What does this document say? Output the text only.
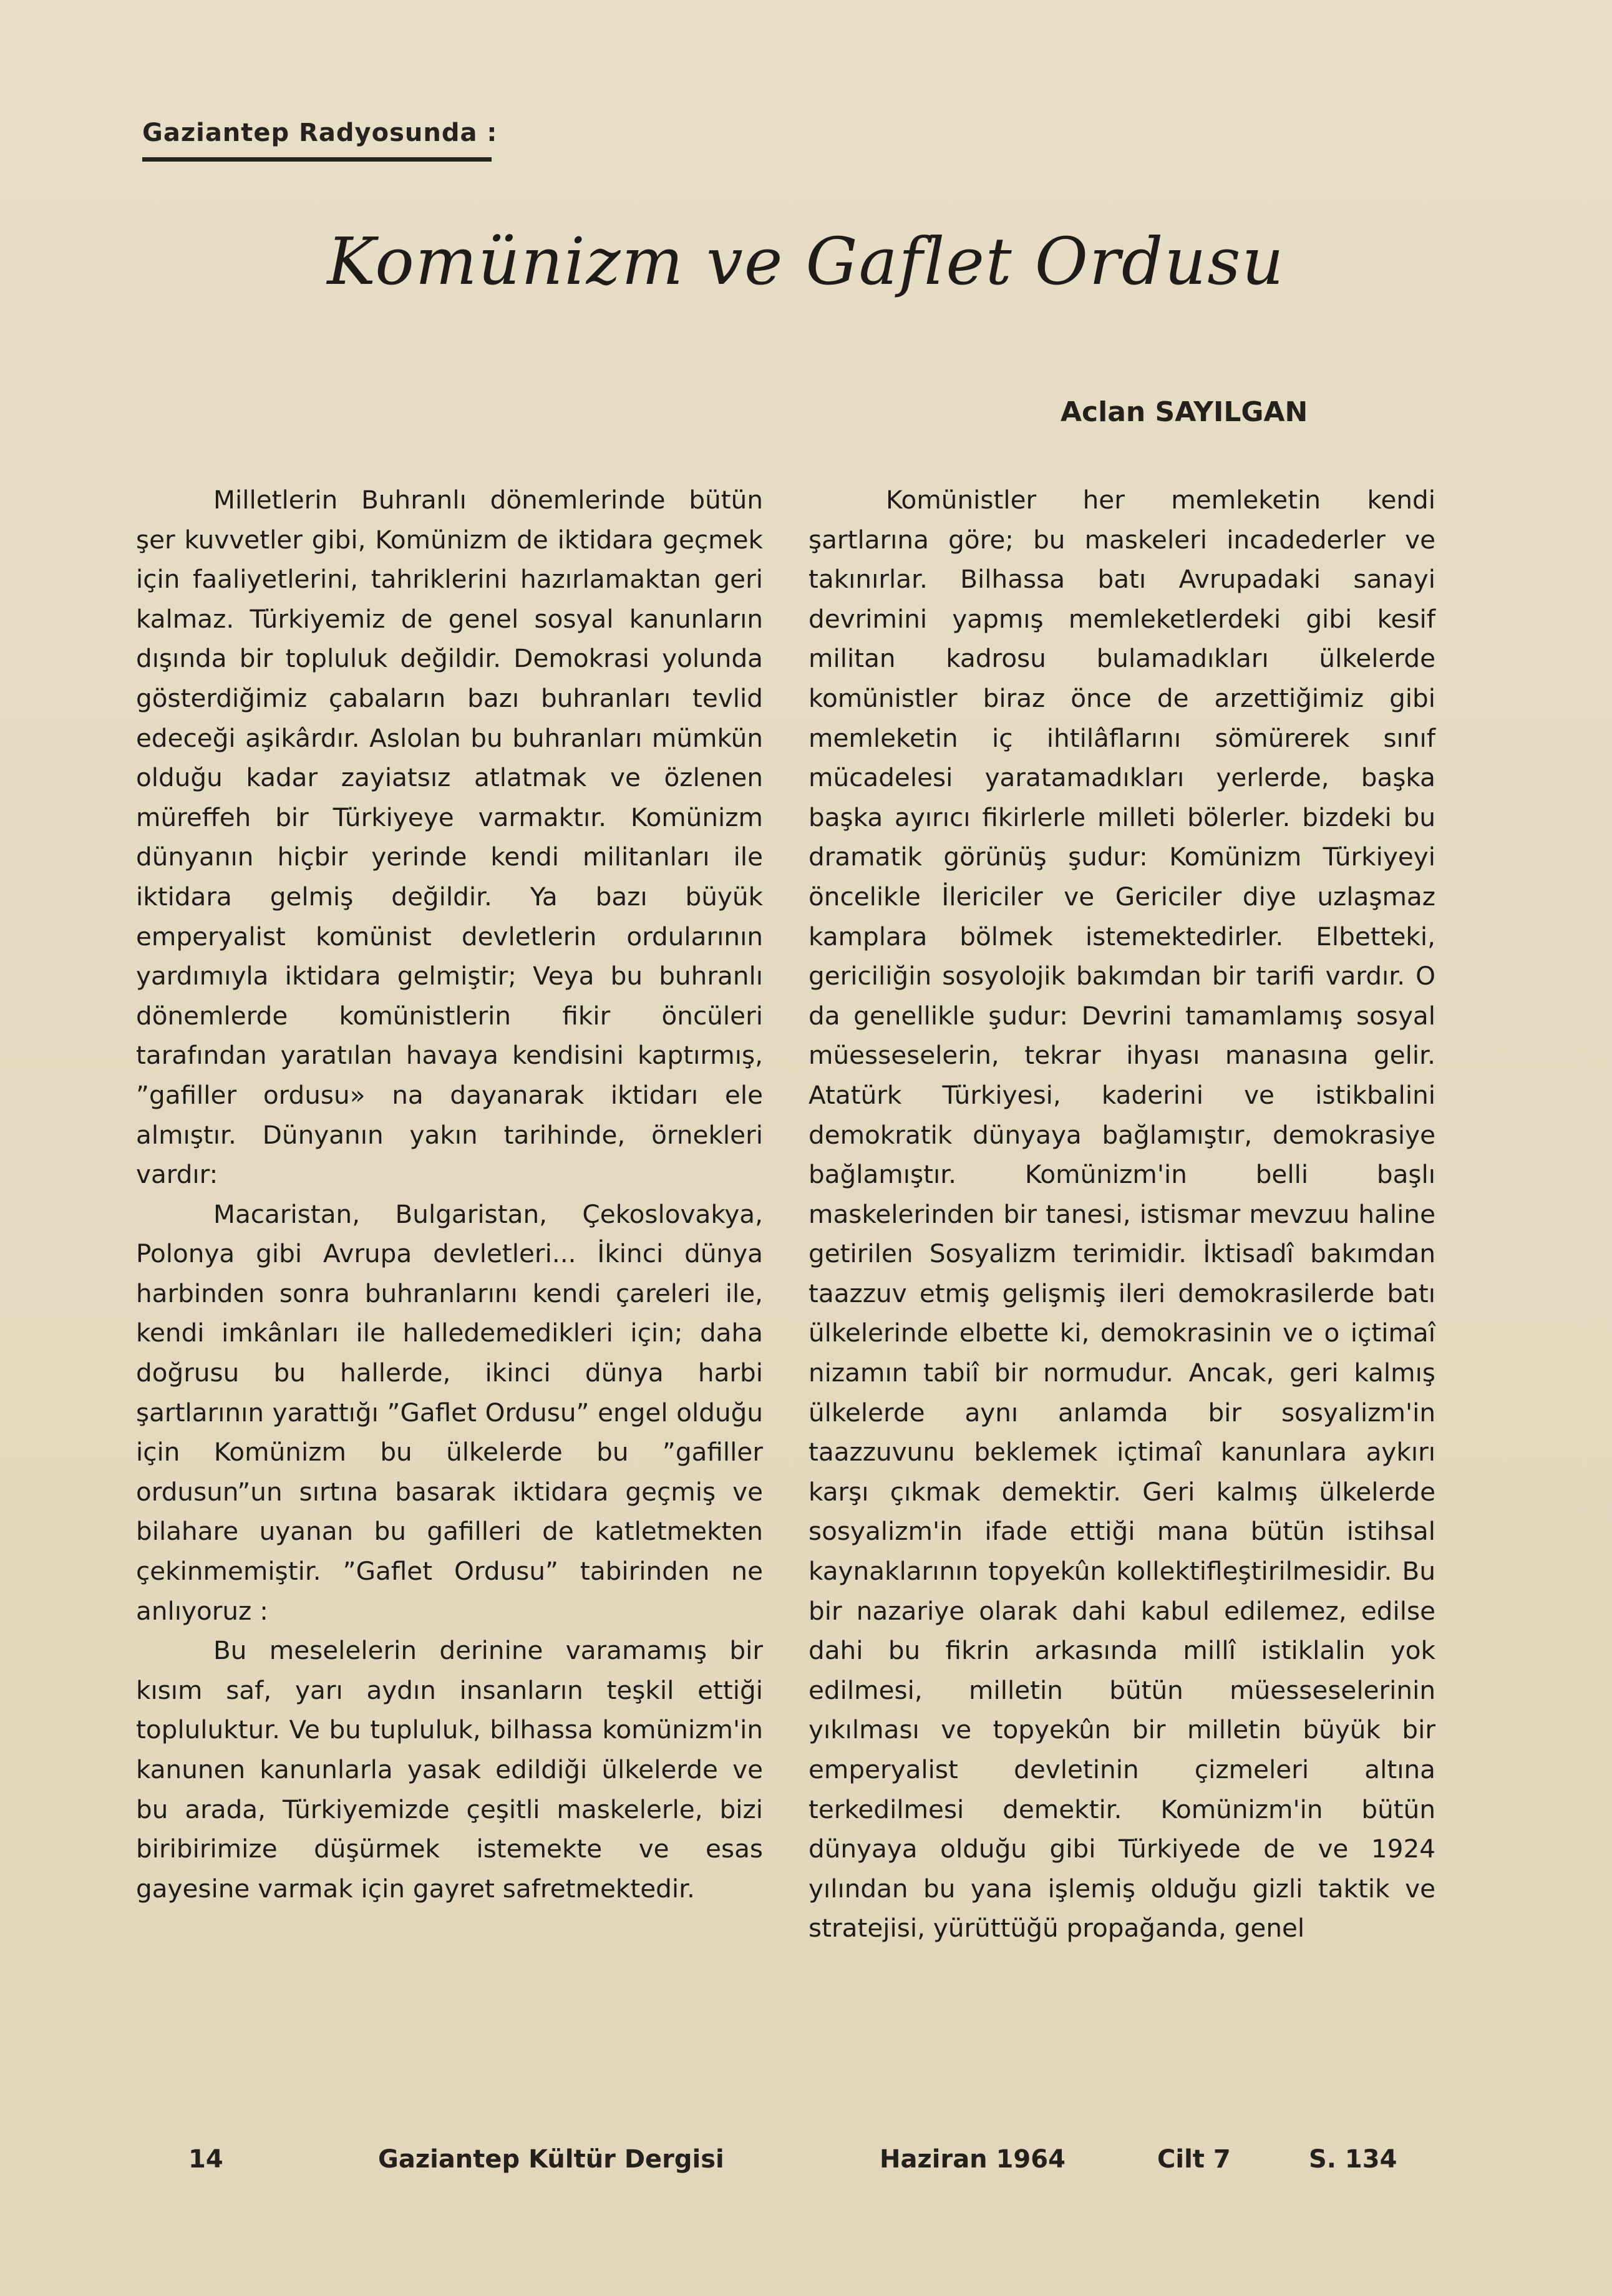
Gaziantep Radyosunda :
Komünizm ve Gaflet Ordusu
Aclan SAYILGAN

Milletlerin Buhranlı dönemlerinde bütün şer kuvvetler gibi, Komünizm de iktidara geçmek için faaliyetlerini, tahriklerini hazırlamaktan geri kalmaz. Türkiyemiz de genel sosyal kanunların dışında bir topluluk değildir. Demokrasi yolunda gösterdiğimiz çabaların bazı buhranları tevlid edeceği aşikârdır. Aslolan bu buhranları mümkün olduğu kadar zayiatsız atlatmak ve özlenen müreffeh bir Türkiyeye varmaktır. Komünizm dünyanın hiçbir yerinde kendi militanları ile iktidara gelmiş değildir. Ya bazı büyük emperyalist komünist devletlerin ordularının yardımıyla iktidara gelmiştir; Veya bu buhranlı dönemlerde komünistlerin fikir öncüleri tarafından yaratılan havaya kendisini kaptırmış, ”gafiller ordusu» na dayanarak iktidarı ele almıştır. Dünyanın yakın tarihinde, örnekleri vardır:

Macaristan, Bulgaristan, Çekoslovakya, Polonya gibi Avrupa devletleri... İkinci dünya harbinden sonra buhranlarını kendi çareleri ile, kendi imkânları ile halledemedikleri için; daha doğrusu bu hallerde, ikinci dünya harbi şartlarının yarattığı ”Gaflet Ordusu” engel olduğu için Komünizm bu ülkelerde bu ”gafiller ordusun”un sırtına basarak iktidara geçmiş ve bilahare uyanan bu gafilleri de katletmekten çekinmemiştir. ”Gaflet Ordusu” tabirinden ne anlıyoruz :

Bu meselelerin derinine varamamış bir kısım saf, yarı aydın insanların teşkil ettiği topluluktur. Ve bu tupluluk, bilhassa komünizm'in kanunen kanunlarla yasak edildiği ülkelerde ve bu arada, Türkiyemizde çeşitli maskelerle, bizi biribirimize düşürmek istemekte ve esas gayesine varmak için gayret safretmektedir.

Komünistler her memleketin kendi şartlarına göre; bu maskeleri incadederler ve takınırlar. Bilhassa batı Avrupadaki sanayi devrimini yapmış memleketlerdeki gibi kesif militan kadrosu bulamadıkları ülkelerde komünistler biraz önce de arzettiğimiz gibi memleketin iç ihtilâflarını sömürerek sınıf mücadelesi yaratamadıkları yerlerde, başka başka ayırıcı fikirlerle milleti bölerler. bizdeki bu dramatik görünüş şudur: Komünizm Türkiyeyi öncelikle İlericiler ve Gericiler diye uzlaşmaz kamplara bölmek istemektedirler. Elbetteki, gericiliğin sosyolojik bakımdan bir tarifi vardır. O da genellikle şudur: Devrini tamamlamış sosyal müesseselerin, tekrar ihyası manasına gelir. Atatürk Türkiyesi, kaderini ve istikbalini demokratik dünyaya bağlamıştır, demokrasiye bağlamıştır. Komünizm'in belli başlı maskelerinden bir tanesi, istismar mevzuu haline getirilen Sosyalizm terimidir. İktisadî bakımdan taazzuv etmiş gelişmiş ileri demokrasilerde batı ülkelerinde elbette ki, demokrasinin ve o içtimaî nizamın tabiî bir normudur. Ancak, geri kalmış ülkelerde aynı anlamda bir sosyalizm'in taazzuvunu beklemek içtimaî kanunlara aykırı karşı çıkmak demektir. Geri kalmış ülkelerde sosyalizm'in ifade ettiği mana bütün istihsal kaynaklarının topyekûn kollektifleştirilmesidir. Bu bir nazariye olarak dahi kabul edilemez, edilse dahi bu fikrin arkasında millî istiklalin yok edilmesi, milletin bütün müesseselerinin yıkılması ve topyekûn bir milletin büyük bir emperyalist devletinin çizmeleri altına terkedilmesi demektir. Komünizm'in bütün dünyaya olduğu gibi Türkiyede de ve 1924 yılından bu yana işlemiş olduğu gizli taktik ve stratejisi, yürüttüğü propağanda, genel

14	Gaziantep Kültür Dergisi	Haziran 1964	Cilt 7	S. 134
